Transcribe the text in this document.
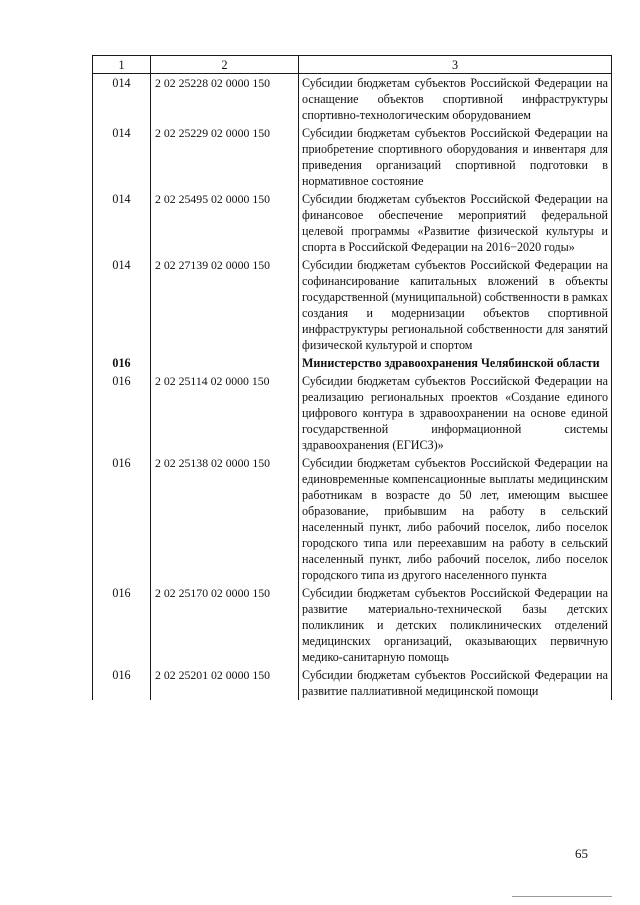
1	2	3
014	2 02 25228 02 0000 150	Субсидии бюджетам субъектов Российской Федерации на оснащение объектов спортивной инфраструктуры спортивно-технологическим оборудованием
014	2 02 25229 02 0000 150	Субсидии бюджетам субъектов Российской Федерации на приобретение спортивного оборудования и инвентаря для приведения организаций спортивной подготовки в нормативное состояние
014	2 02 25495 02 0000 150	Субсидии бюджетам субъектов Российской Федерации на финансовое обеспечение мероприятий федеральной целевой программы «Развитие физической культуры и спорта в Российской Федерации на 2016−2020 годы»
014	2 02 27139 02 0000 150	Субсидии бюджетам субъектов Российской Федерации на софинансирование капитальных вложений в объекты государственной (муниципальной) собственности в рамках создания и модернизации объектов спортивной инфраструктуры региональной собственности для занятий физической культурой и спортом
016		Министерство здравоохранения Челябинской области
016	2 02 25114 02 0000 150	Субсидии бюджетам субъектов Российской Федерации на реализацию региональных проектов «Создание единого цифрового контура в здравоохранении на основе единой государственной информационной системы здравоохранения (ЕГИСЗ)»
016	2 02 25138 02 0000 150	Субсидии бюджетам субъектов Российской Федерации на единовременные компенсационные выплаты медицинским работникам в возрасте до 50 лет, имеющим высшее образование, прибывшим на работу в сельский населенный пункт, либо рабочий поселок, либо поселок городского типа или переехавшим на работу в сельский населенный пункт, либо рабочий поселок, либо поселок городского типа из другого населенного пункта
016	2 02 25170 02 0000 150	Субсидии бюджетам субъектов Российской Федерации на развитие материально-технической базы детских поликлиник и детских поликлинических отделений медицинских организаций, оказывающих первичную медико-санитарную помощь
016	2 02 25201 02 0000 150	Субсидии бюджетам субъектов Российской Федерации на развитие паллиативной медицинской помощи
65
